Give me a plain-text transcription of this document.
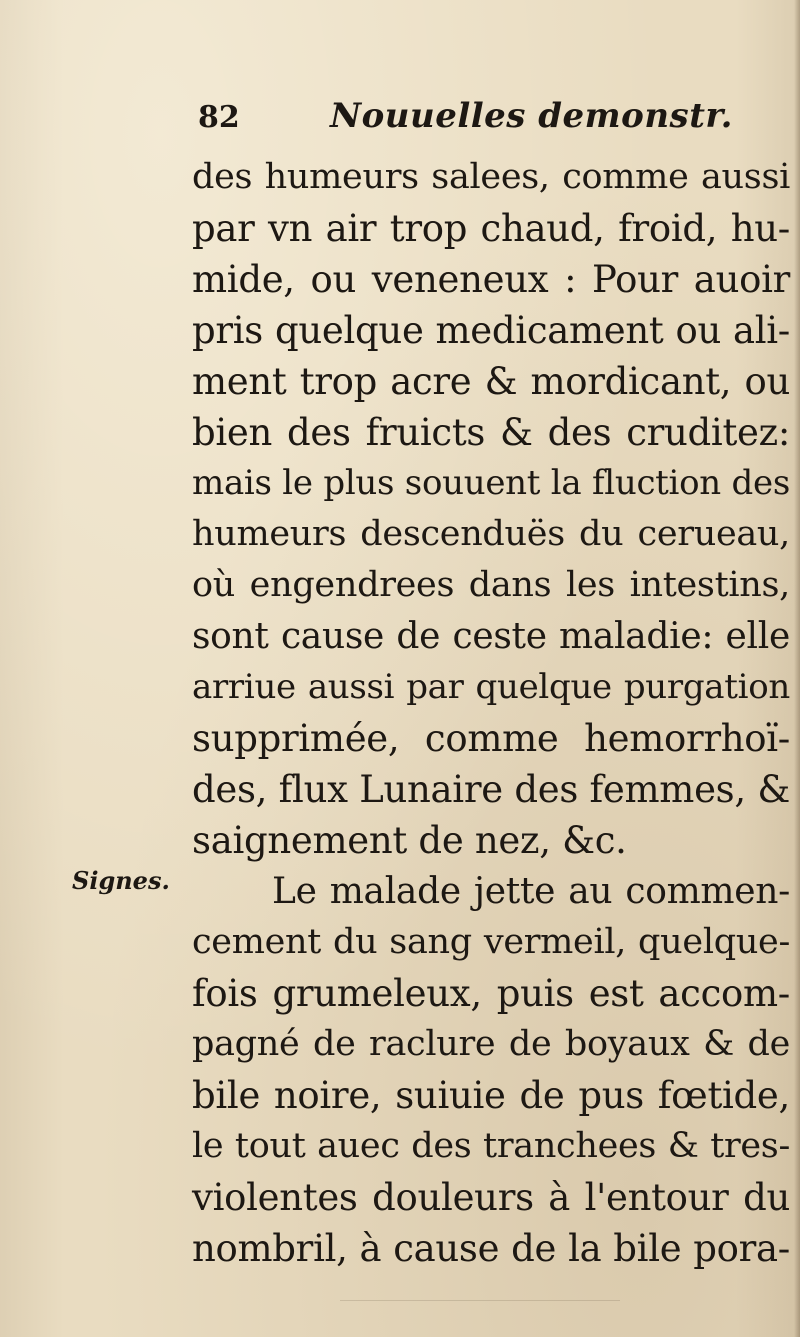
82	Nouuelles demonstr.
Signes.
des humeurs salees, comme aussi
par vn air trop chaud, froid, hu-
mide, ou veneneux : Pour auoir
pris quelque medicament ou ali-
ment trop acre & mordicant, ou
bien des fruicts & des cruditez:
mais le plus souuent la fluction des
humeurs descenduës du cerueau,
où engendrees dans les intestins,
sont cause de ceste maladie: elle
arriue aussi par quelque purgation
supprimée, comme hemorrhoï-
des, flux Lunaire des femmes, &
saignement de nez, &c.
Le malade jette au commen-
cement du sang vermeil, quelque-
fois grumeleux, puis est accom-
pagné de raclure de boyaux & de
bile noire, suiuie de pus fœtide,
le tout auec des tranchees & tres-
violentes douleurs à l'entour du
nombril, à cause de la bile pora-
